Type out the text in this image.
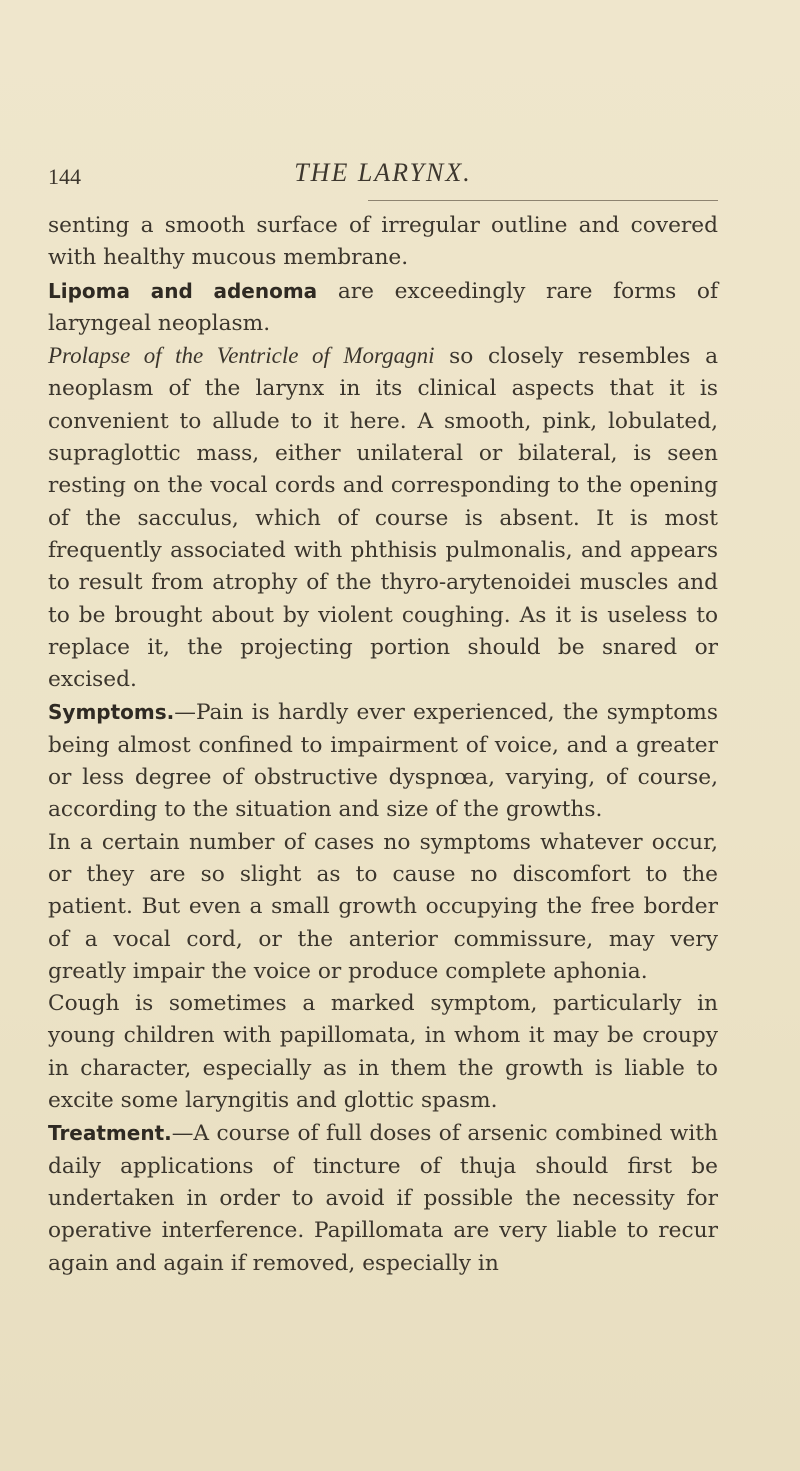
144	THE LARYNX.

senting a smooth surface of irregular outline and covered with healthy mucous membrane.

Lipoma and adenoma are exceedingly rare forms of laryngeal neoplasm.

Prolapse of the Ventricle of Morgagni so closely resembles a neoplasm of the larynx in its clinical aspects that it is convenient to allude to it here. A smooth, pink, lobulated, supraglottic mass, either unilateral or bilateral, is seen resting on the vocal cords and corresponding to the opening of the sacculus, which of course is absent. It is most frequently associated with phthisis pulmonalis, and appears to result from atrophy of the thyro-arytenoidei muscles and to be brought about by violent coughing. As it is useless to replace it, the projecting portion should be snared or excised.

Symptoms.—Pain is hardly ever experienced, the symptoms being almost confined to impairment of voice, and a greater or less degree of obstructive dyspnœa, varying, of course, according to the situation and size of the growths.

In a certain number of cases no symptoms whatever occur, or they are so slight as to cause no discomfort to the patient. But even a small growth occupying the free border of a vocal cord, or the anterior commissure, may very greatly impair the voice or produce complete aphonia.

Cough is sometimes a marked symptom, particularly in young children with papillomata, in whom it may be croupy in character, especially as in them the growth is liable to excite some laryngitis and glottic spasm.

Treatment.—A course of full doses of arsenic combined with daily applications of tincture of thuja should first be undertaken in order to avoid if possible the necessity for operative interference. Papillomata are very liable to recur again and again if removed, especially in
